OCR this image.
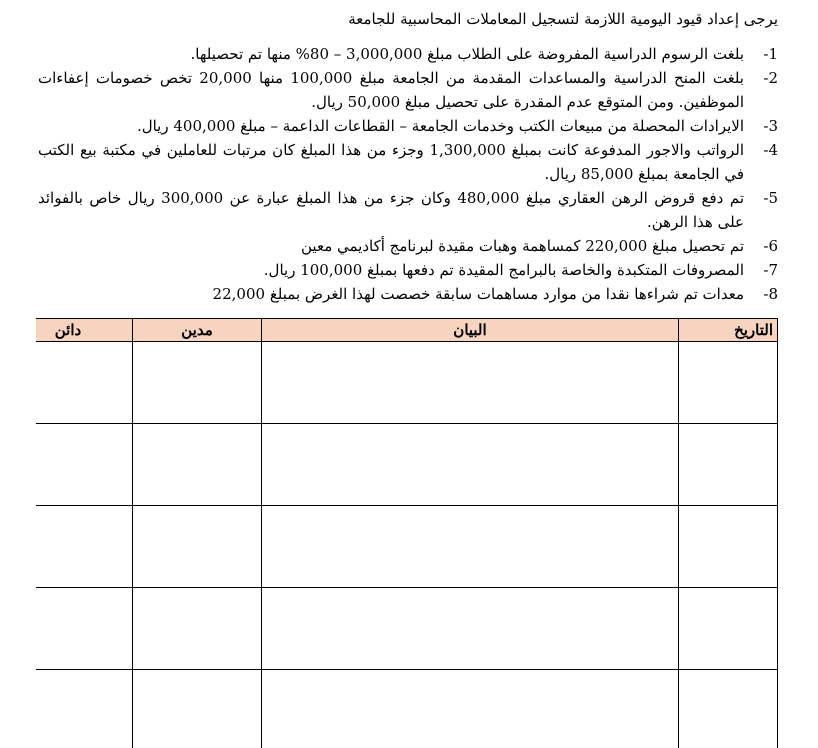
يرجى إعداد قيود اليومية اللازمة لتسجيل المعاملات المحاسبية للجامعة
1-
بلغت الرسوم الدراسية المفروضة على الطلاب مبلغ 3,000,000 – 80% منها تم تحصيلها.
2-
بلغت المنح الدراسية والمساعدات المقدمة من الجامعة مبلغ 100,000 منها 20,000 تخص خصومات إعفاءات الموظفين. ومن المتوقع عدم المقدرة على تحصيل مبلغ 50,000 ريال.
3-
الايرادات المحصلة من مبيعات الكتب وخدمات الجامعة – القطاعات الداعمة – مبلغ 400,000 ريال.
4-
الرواتب والاجور المدفوعة كانت بمبلغ 1,300,000 وجزء من هذا المبلغ كان مرتبات للعاملين في مكتبة بيع الكتب في الجامعة بمبلغ 85,000 ريال.
5-
تم دفع قروض الرهن العقاري مبلغ 480,000 وكان جزء من هذا المبلغ عبارة عن 300,000 ريال خاص بالفوائد على هذا الرهن.
6-
تم تحصيل مبلغ 220,000 كمساهمة وهبات مقيدة لبرنامج أكاديمي معين
7-
المصروفات المتكبدة والخاصة بالبرامج المقيدة تم دفعها بمبلغ 100,000 ريال.
8-
معدات تم شراءها نقدا من موارد مساهمات سابقة خصصت لهذا الغرض بمبلغ 22,000
التاريخ	البيان	مدين	دائن
